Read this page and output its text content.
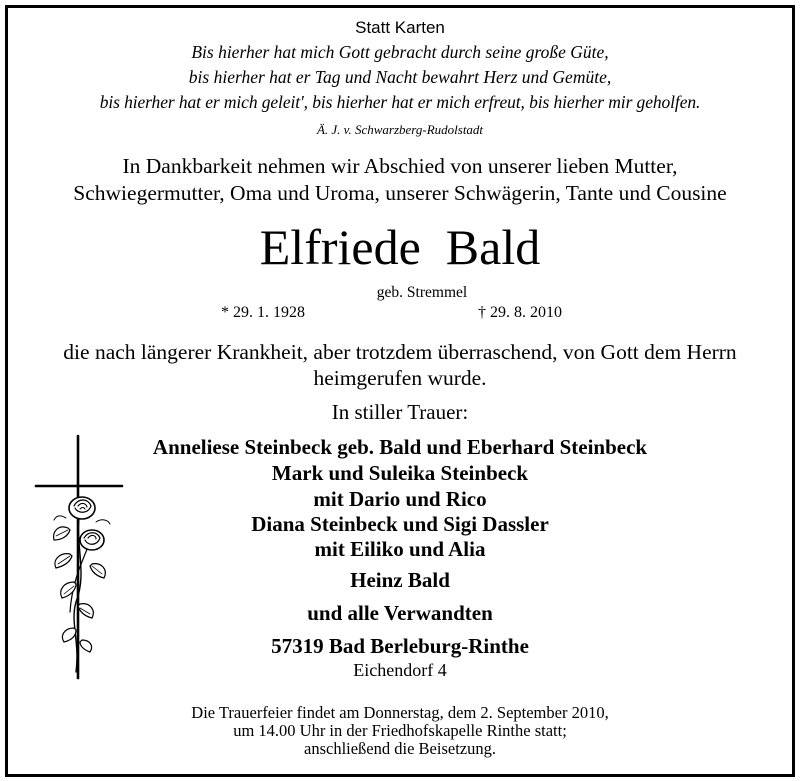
Statt Karten
Bis hierher hat mich Gott gebracht durch seine große Güte,
bis hierher hat er Tag und Nacht bewahrt Herz und Gemüte,
bis hierher hat er mich geleit', bis hierher hat er mich erfreut, bis hierher mir geholfen.
Ä. J. v. Schwarzberg-Rudolstadt
In Dankbarkeit nehmen wir Abschied von unserer lieben Mutter,
Schwiegermutter, Oma und Uroma, unserer Schwägerin, Tante und Cousine
Elfriede  Bald
geb. Stremmel
* 29. 1. 1928	† 29. 8. 2010
die nach längerer Krankheit, aber trotzdem überraschend, von Gott dem Herrn
heimgerufen wurde.
In stiller Trauer:
Anneliese Steinbeck geb. Bald und Eberhard Steinbeck
Mark und Suleika Steinbeck
mit Dario und Rico
Diana Steinbeck und Sigi Dassler
mit Eiliko und Alia
Heinz Bald
und alle Verwandten
57319 Bad Berleburg-Rinthe
Eichendorf 4
Die Trauerfeier findet am Donnerstag, dem 2. September 2010,
um 14.00 Uhr in der Friedhofskapelle Rinthe statt;
anschließend die Beisetzung.
